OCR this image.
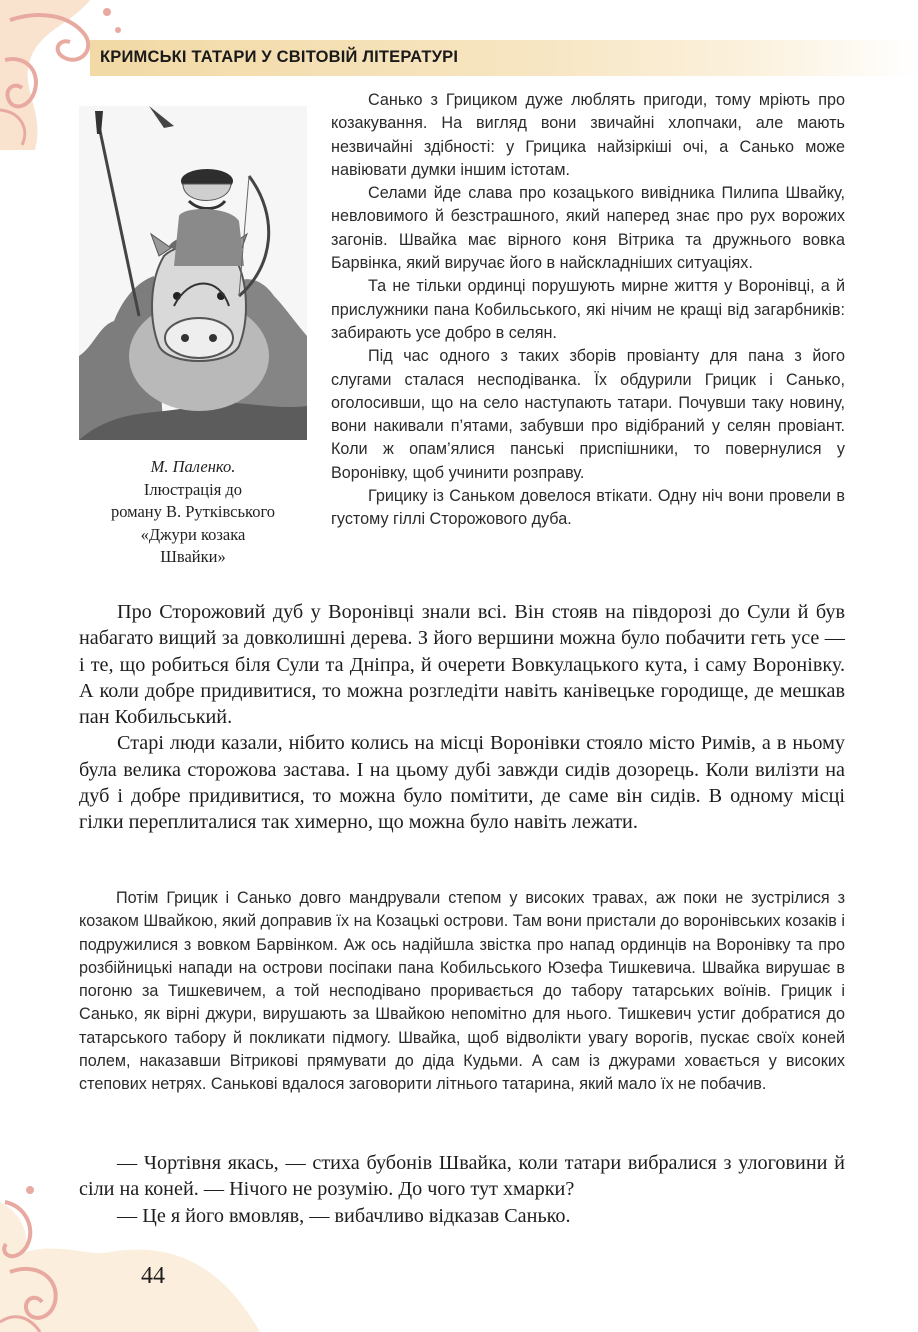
КРИМСЬКІ ТАТАРИ У СВІТОВІЙ ЛІТЕРАТУРІ
М. Паленко.
Ілюстрація до
роману В. Рутківського
«Джури козака
Швайки»

Санько з Грициком дуже люблять пригоди, тому мріють про козакування. На вигляд вони звичайні хлопчаки, але мають незвичайні здібності: у Грицика найзіркіші очі, а Санько може навіювати думки іншим істотам.

Селами йде слава про козацького вивідника Пилипа Швайку, невловимого й безстрашного, який наперед знає про рух ворожих загонів. Швайка має вірного коня Вітрика та дружнього вовка Барвінка, який виручає його в найскладніших ситуаціях.

Та не тільки ординці порушують мирне життя у Воронівці, а й прислужники пана Кобильського, які нічим не кращі від загарбників: забирають усе добро в селян.

Під час одного з таких зборів провіанту для пана з його слугами сталася несподіванка. Їх обдурили Грицик і Санько, оголосивши, що на село наступають татари. Почувши таку новину, вони накивали п’ятами, забувши про відібраний у селян провіант. Коли ж опам’ялися панські приспішники, то повернулися у Воронівку, щоб учинити розправу.

Грицику із Саньком довелося втікати. Одну ніч вони провели в густому гіллі Сторожового дуба.

Про Сторожовий дуб у Воронівці знали всі. Він стояв на півдорозі до Сули й був набагато вищий за довколишні дерева. З його вершини можна було побачити геть усе — і те, що робиться біля Сули та Дніпра, й очерети Вовкулацького кута, і саму Воронівку. А коли добре придивитися, то можна розгледіти навіть канівецьке городище, де мешкав пан Кобильський.

Старі люди казали, нібито колись на місці Воронівки стояло місто Римів, а в ньому була велика сторожова застава. І на цьому дубі завжди сидів дозорець. Коли вилізти на дуб і добре придивитися, то можна було помітити, де саме він сидів. В одному місці гілки переплиталися так химерно, що можна було навіть лежати.

Потім Грицик і Санько довго мандрували степом у високих травах, аж поки не зустрілися з козаком Швайкою, який доправив їх на Козацькі острови. Там вони пристали до воронівських козаків і подружилися з вовком Барвінком. Аж ось надійшла звістка про напад ординців на Воронівку та про розбійницькі напади на острови посіпаки пана Кобильського Юзефа Тишкевича. Швайка вирушає в погоню за Тишкевичем, а той несподівано проривається до табору татарських воїнів. Грицик і Санько, як вірні джури, вирушають за Швайкою непомітно для нього. Тишкевич устиг добратися до татарського табору й покликати підмогу. Швайка, щоб відволікти увагу ворогів, пускає своїх коней полем, наказавши Вітрикові прямувати до діда Кудьми. А сам із джурами ховається у високих степових нетрях. Санькові вдалося заговорити літнього татарина, який мало їх не побачив.

— Чортівня якась, — стиха бубонів Швайка, коли татари вибралися з улоговини й сіли на коней. — Нічого не розумію. До чого тут хмарки?

— Це я його вмовляв, — вибачливо відказав Санько.

44
